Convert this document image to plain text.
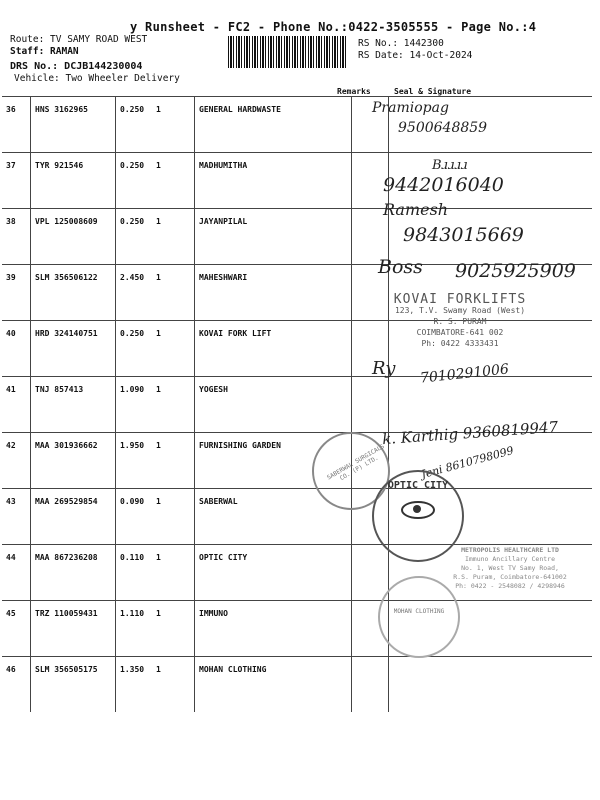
y Runsheet - FC2 - Phone No.:0422-3505555 - Page No.:4
Route: TV SAMY ROAD WEST
Staff: RAMAN
DRS No.: DCJB144230004
Vehicle: Two Wheeler Delivery
RS No.: 1442300
RS Date: 14-Oct-2024
Remarks	Seal & Signature
36	HNS 3162965	0.250	1	GENERAL HARDWASTE		
37	TYR 921546	0.250	1	MADHUMITHA		
38	VPL 125008609	0.250	1	JAYANPILAL		
39	SLM 356506122	2.450	1	MAHESHWARI		
40	HRD 324140751	0.250	1	KOVAI FORK LIFT		
41	TNJ 857413	1.090	1	YOGESH		
42	MAA 301936662	1.950	1	FURNISHING GARDEN		
43	MAA 269529854	0.090	1	SABERWAL		
44	MAA 867236208	0.110	1	OPTIC CITY		
45	TRZ 110059431	1.110	1	IMMUNO		
46	SLM 356505175	1.350	1	MOHAN CLOTHING		
Pramiopag
9500648859
Bɹɹɹɹ
9442016040
Ramesh
9843015669
Boss 9025925909
Ry 7010291006
k. Karthig 9360819947
Jeni 8610798099
KOVAI FORKLIFTS
123, T.V. Swamy Road (West)
R. S. PURAM
COIMBATORE-641 002
Ph: 0422 4333431
SABERWAL SURGICALS CO. (P) LTD.
OPTIC CITY
METROPOLIS HEALTHCARE LTD
Immuno Ancillary Centre
No. 1, West TV Samy Road,
R.S. Puram, Coimbatore-641002
Ph: 0422 - 2548082 / 4298946
MOHAN CLOTHING
